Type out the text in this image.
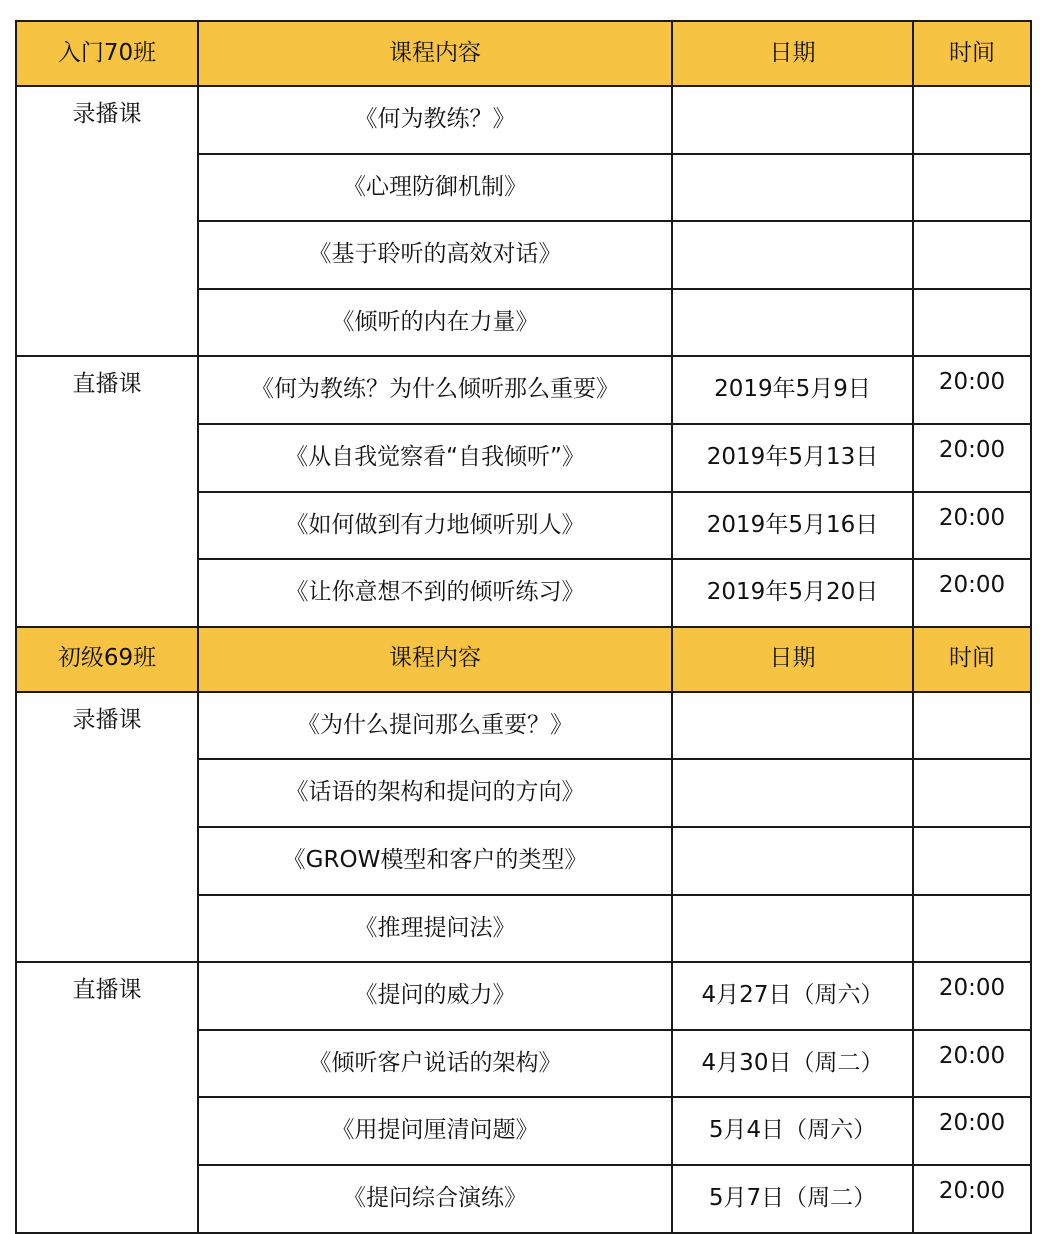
入门70班	课程内容	日期	时间
录播课	《何为教练？》		
	《心理防御机制》		
	《基于聆听的高效对话》		
	《倾听的内在力量》		
直播课	《何为教练？为什么倾听那么重要》	2019年5月9日	20:00
	《从自我觉察看“自我倾听”》	2019年5月13日	20:00
	《如何做到有力地倾听别人》	2019年5月16日	20:00
	《让你意想不到的倾听练习》	2019年5月20日	20:00
初级69班	课程内容	日期	时间
录播课	《为什么提问那么重要？》		
	《话语的架构和提问的方向》		
	《GROW模型和客户的类型》		
	《推理提问法》		
直播课	《提问的威力》	4月27日（周六）	20:00
	《倾听客户说话的架构》	4月30日（周二）	20:00
	《用提问厘清问题》	5月4日（周六）	20:00
	《提问综合演练》	5月7日（周二）	20:00
